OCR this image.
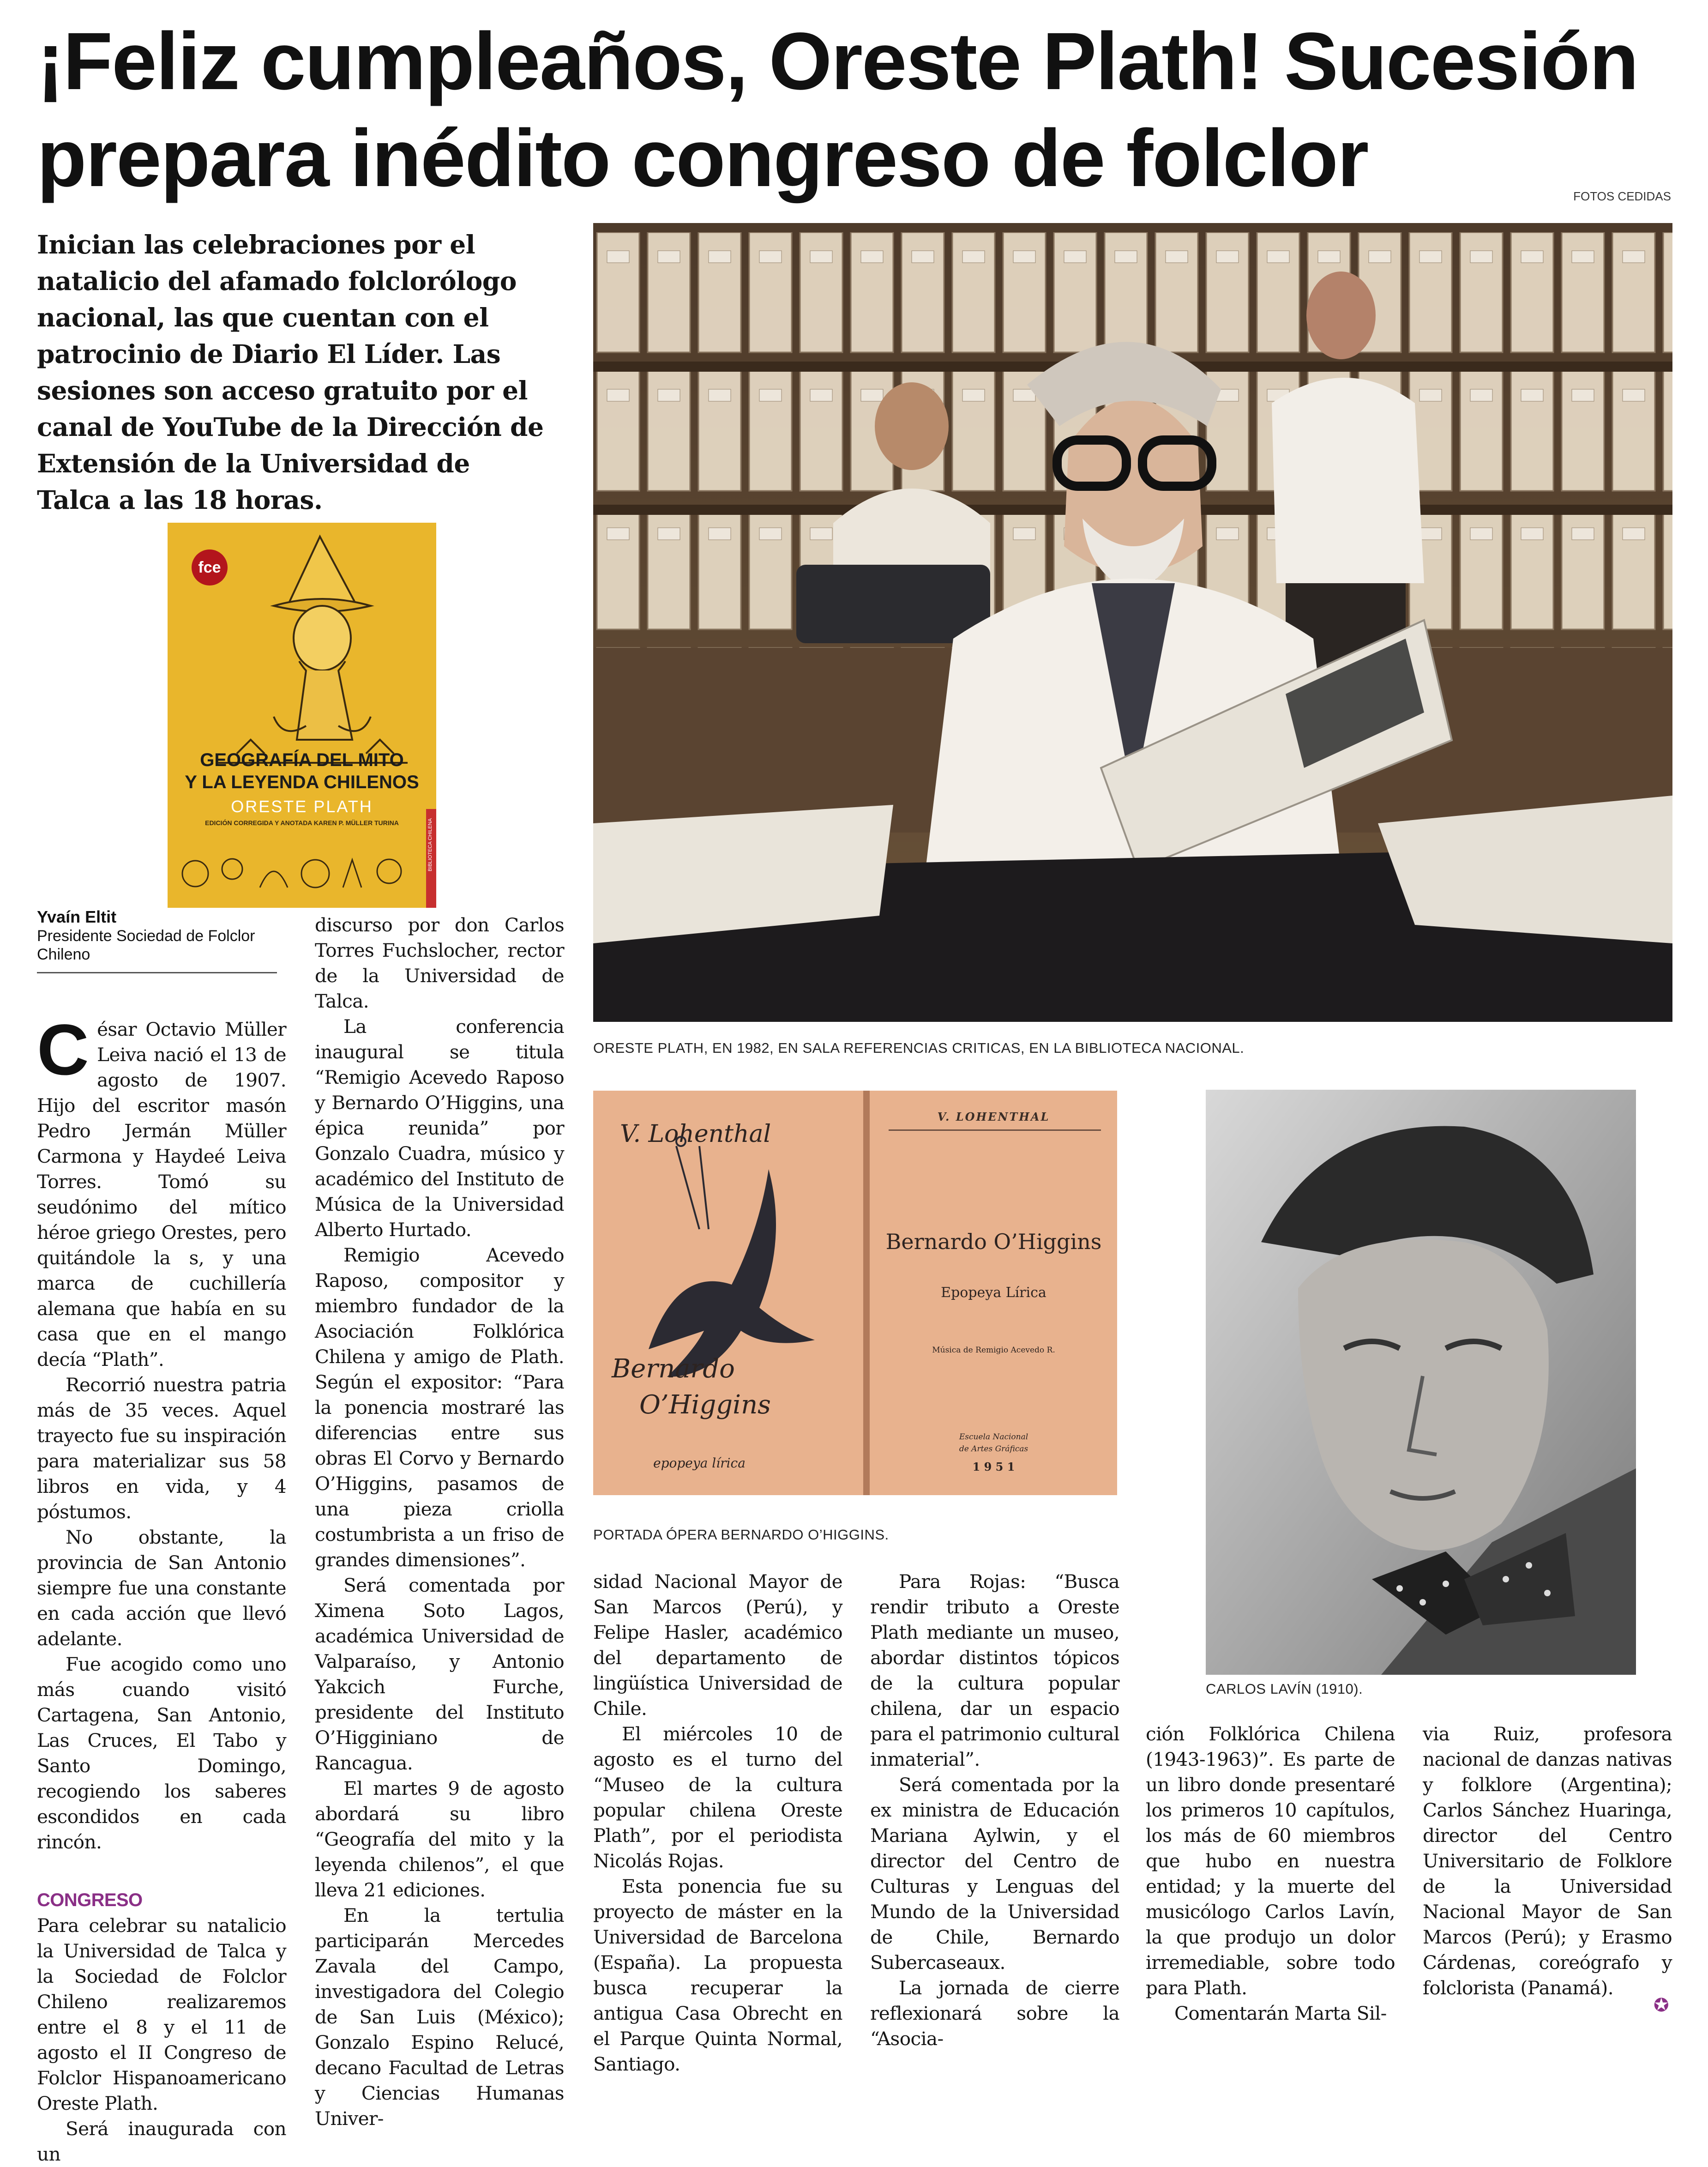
¡Feliz cumpleaños, Oreste Plath! Sucesión prepara inédito congreso de folclor	FOTOS CEDIDAS
Inician las celebraciones por el natalicio del afamado folclorólogo nacional, las que cuentan con el patrocinio de Diario El Líder. Las sesiones son acceso gratuito por el canal de YouTube de la Dirección de Extensión de la Universidad de Talca a las 18 horas.
fce
GEOGRAFÍA DEL MITO
Y LA LEYENDA CHILENOS
ORESTE PLATH
EDICIÓN CORREGIDA Y ANOTADA KAREN P. MÜLLER TURINA	BIBLIOTECA CHILENA
Yvaín Eltit
Presidente Sociedad de Folclor
Chileno
ORESTE PLATH, EN 1982, EN SALA REFERENCIAS CRITICAS, EN LA BIBLIOTECA NACIONAL.
V. Lohenthal
Bernardo
O’Higgins
epopeya lírica
V. LOHENTHAL
Bernardo O’Higgins
Epopeya Lírica
Música de Remigio Acevedo R.
Escuela Nacional
de Artes Gráficas
1 9 5 1
PORTADA ÓPERA BERNARDO O’HIGGINS.
CARLOS LAVÍN (1910).

César Octavio Müller Leiva nació el 13 de agosto de 1907. Hijo del escritor masón Pedro Jermán Müller Carmona y Haydeé Leiva Torres. Tomó su seudónimo del mítico héroe griego Orestes, pero quitándole la s, y una marca de cuchillería alemana que había en su casa que en el mango decía “Plath”.

Recorrió nuestra patria más de 35 veces. Aquel trayecto fue su inspiración para materializar sus 58 libros en vida, y 4 póstumos.

No obstante, la provincia de San Antonio siempre fue una constante en cada acción que llevó adelante.

Fue acogido como uno más cuando visitó Cartagena, San Antonio, Las Cruces, El Tabo y Santo Domingo, recogiendo los saberes escondidos en cada rincón.

CONGRESO

Para celebrar su natalicio la Universidad de Talca y la Sociedad de Folclor Chileno realizaremos entre el 8 y el 11 de agosto el II Congreso de Folclor Hispanoamericano Oreste Plath.

Será inaugurada con un

discurso por don Carlos Torres Fuchslocher, rector de la Universidad de Talca.

La conferencia inaugural se titula “Remigio Acevedo Raposo y Bernardo O’Higgins, una épica reunida” por Gonzalo Cuadra, músico y académico del Instituto de Música de la Universidad Alberto Hurtado.

Remigio Acevedo Raposo, compositor y miembro fundador de la Asociación Folklórica Chilena y amigo de Plath. Según el expositor: “Para la ponencia mostraré las diferencias entre sus obras El Corvo y Bernardo O’Higgins, pasamos de una pieza criolla costumbrista a un friso de grandes dimensiones”.

Será comentada por Ximena Soto Lagos, académica Universidad de Valparaíso, y Antonio Yakcich Furche, presidente del Instituto O’Higginiano de Rancagua.

El martes 9 de agosto abordará su libro “Geografía del mito y la leyenda chilenos”, el que lleva 21 ediciones.

En la tertulia participarán Mercedes Zavala del Campo, investigadora del Colegio de San Luis (México); Gonzalo Espino Relucé, decano Facultad de Letras y Ciencias Humanas Univer-

sidad Nacional Mayor de San Marcos (Perú), y Felipe Hasler, académico del departamento de lingüística Universidad de Chile.

El miércoles 10 de agosto es el turno del “Museo de la cultura popular chilena Oreste Plath”, por el periodista Nicolás Rojas.

Esta ponencia fue su proyecto de máster en la Universidad de Barcelona (España). La propuesta busca recuperar la antigua Casa Obrecht en el Parque Quinta Normal, Santiago.

Para Rojas: “Busca rendir tributo a Oreste Plath mediante un museo, abordar distintos tópicos de la cultura popular chilena, dar un espacio para el patrimonio cultural inmaterial”.

Será comentada por la ex ministra de Educación Mariana Aylwin, y el director del Centro de Culturas y Lenguas del Mundo de la Universidad de Chile, Bernardo Subercaseaux.

La jornada de cierre reflexionará sobre la “Asocia-

ción Folklórica Chilena (1943-1963)”. Es parte de un libro donde presentaré los primeros 10 capítulos, los más de 60 miembros que hubo en nuestra entidad; y la muerte del musicólogo Carlos Lavín, la que produjo un dolor irremediable, sobre todo para Plath.

Comentarán Marta Sil-

via Ruiz, profesora nacional de danzas nativas y folklore (Argentina); Carlos Sánchez Huaringa, director del Centro Universitario de Folklore de la Universidad Nacional Mayor de San Marcos (Perú); y Erasmo Cárdenas, coreógrafo y folclorista (Panamá).

✪
